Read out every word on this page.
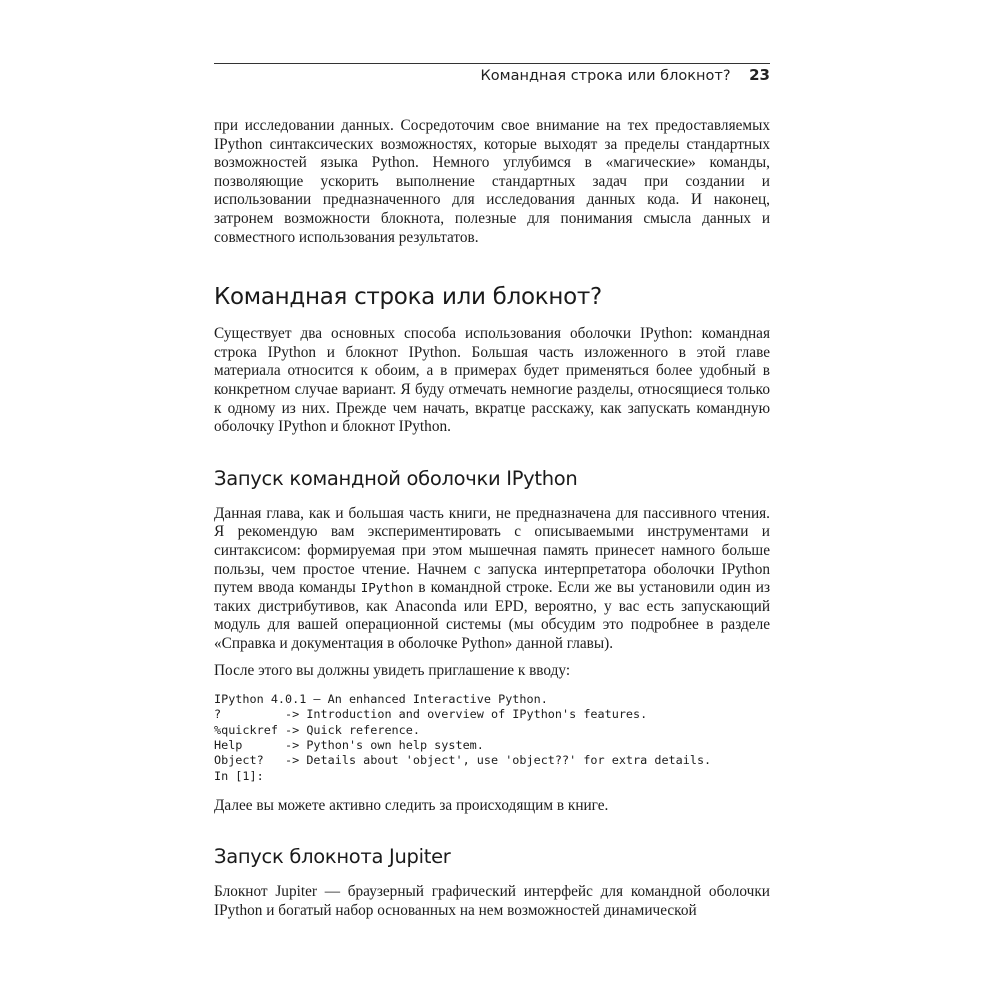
Командная строка или блокнот? 23

при исследовании данных. Сосредоточим свое внимание на тех предоставляемых IPython синтаксических возможностях, которые выходят за пределы стандартных возможностей языка Python. Немного углубимся в «магические» команды, позволяющие ускорить выполнение стандартных задач при создании и использовании предназначенного для исследования данных кода. И наконец, затронем возможности блокнота, полезные для понимания смысла данных и совместного использования результатов.

Командная строка или блокнот?

Существует два основных способа использования оболочки IPython: командная строка IPython и блокнот IPython. Большая часть изложенного в этой главе материала относится к обоим, а в примерах будет применяться более удобный в конкретном случае вариант. Я буду отмечать немногие разделы, относящиеся только к одному из них. Прежде чем начать, вкратце расскажу, как запускать командную оболочку IPython и блокнот IPython.

Запуск командной оболочки IPython

Данная глава, как и большая часть книги, не предназначена для пассивного чтения. Я рекомендую вам экспериментировать с описываемыми инструментами и синтаксисом: формируемая при этом мышечная память принесет намного больше пользы, чем простое чтение. Начнем с запуска интерпретатора оболочки IPython путем ввода команды IPython в командной строке. Если же вы установили один из таких дистрибутивов, как Anaconda или EPD, вероятно, у вас есть запускающий модуль для вашей операционной системы (мы обсудим это подробнее в разделе «Справка и документация в оболочке Python» данной главы).

После этого вы должны увидеть приглашение к вводу:

IPython 4.0.1 – An enhanced Interactive Python.
?         -> Introduction and overview of IPython's features.
%quickref -> Quick reference.
Help      -> Python's own help system.
Object?   -> Details about 'object', use 'object??' for extra details.
In [1]:

Далее вы можете активно следить за происходящим в книге.

Запуск блокнота Jupiter

Блокнот Jupiter — браузерный графический интерфейс для командной оболочки IPython и богатый набор основанных на нем возможностей динамической
